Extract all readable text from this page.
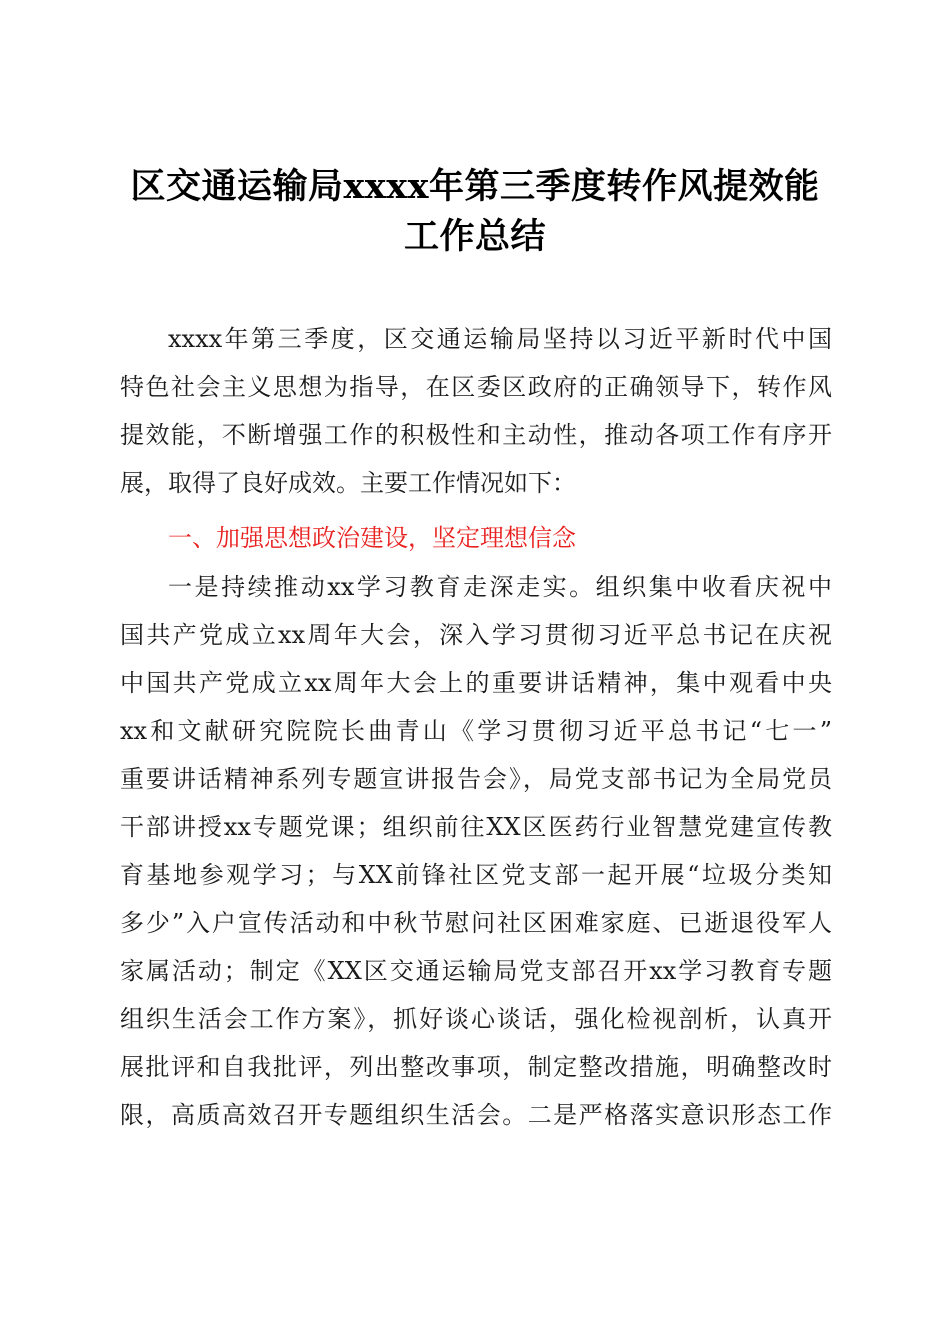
区交通运输局xxxx年第三季度转作风提效能
工作总结
xxxx年第三季度，区交通运输局坚持以习近平新时代中国
特色社会主义思想为指导，在区委区政府的正确领导下，转作风
提效能，不断增强工作的积极性和主动性，推动各项工作有序开
展，取得了良好成效。主要工作情况如下：
一、加强思想政治建设，坚定理想信念
一是持续推动xx学习教育走深走实。组织集中收看庆祝中
国共产党成立xx周年大会，深入学习贯彻习近平总书记在庆祝
中国共产党成立xx周年大会上的重要讲话精神，集中观看中央
xx和文献研究院院长曲青山《学习贯彻习近平总书记“七一”
重要讲话精神系列专题宣讲报告会》，局党支部书记为全局党员
干部讲授xx专题党课；组织前往XX区医药行业智慧党建宣传教
育基地参观学习；与XX前锋社区党支部一起开展“垃圾分类知
多少”入户宣传活动和中秋节慰问社区困难家庭、已逝退役军人
家属活动；制定《XX区交通运输局党支部召开xx学习教育专题
组织生活会工作方案》，抓好谈心谈话，强化检视剖析，认真开
展批评和自我批评，列出整改事项，制定整改措施，明确整改时
限，高质高效召开专题组织生活会。二是严格落实意识形态工作
